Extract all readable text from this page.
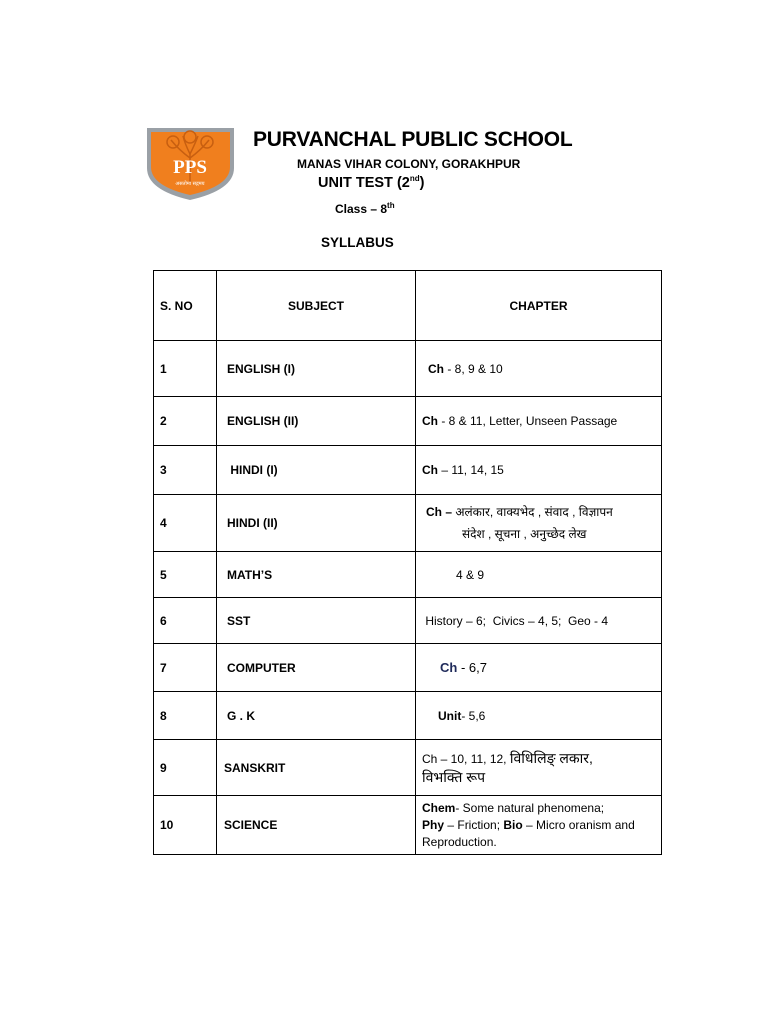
PPS
असतोमा सद्गमय
PURVANCHAL PUBLIC SCHOOL
MANAS VIHAR COLONY, GORAKHPUR
UNIT TEST (2nd)
Class – 8th
SYLLABUS
S. NO	SUBJECT	CHAPTER
1	ENGLISH (I)	Ch - 8, 9 & 10
2	ENGLISH (II)	Ch - 8 & 11, Letter, Unseen Passage
3	HINDI (I)	Ch – 11, 14, 15
4	HINDI (II)	Ch – अलंकार, वाक्यभेद , संवाद , विज्ञापन
संदेश , सूचना , अनुच्छेद लेख

5	MATH’S	4 & 9
6	SST	History – 6;  Civics – 4, 5;  Geo - 4
7	COMPUTER	Ch - 6,7
8	G . K	Unit- 5,6
9	SANSKRIT	Ch – 10, 11, 12, विधिलिङ् लकार,
विभक्ति रूप

10	SCIENCE	Chem- Some natural phenomena;
Phy – Friction; Bio – Micro oranism and
Reproduction.
